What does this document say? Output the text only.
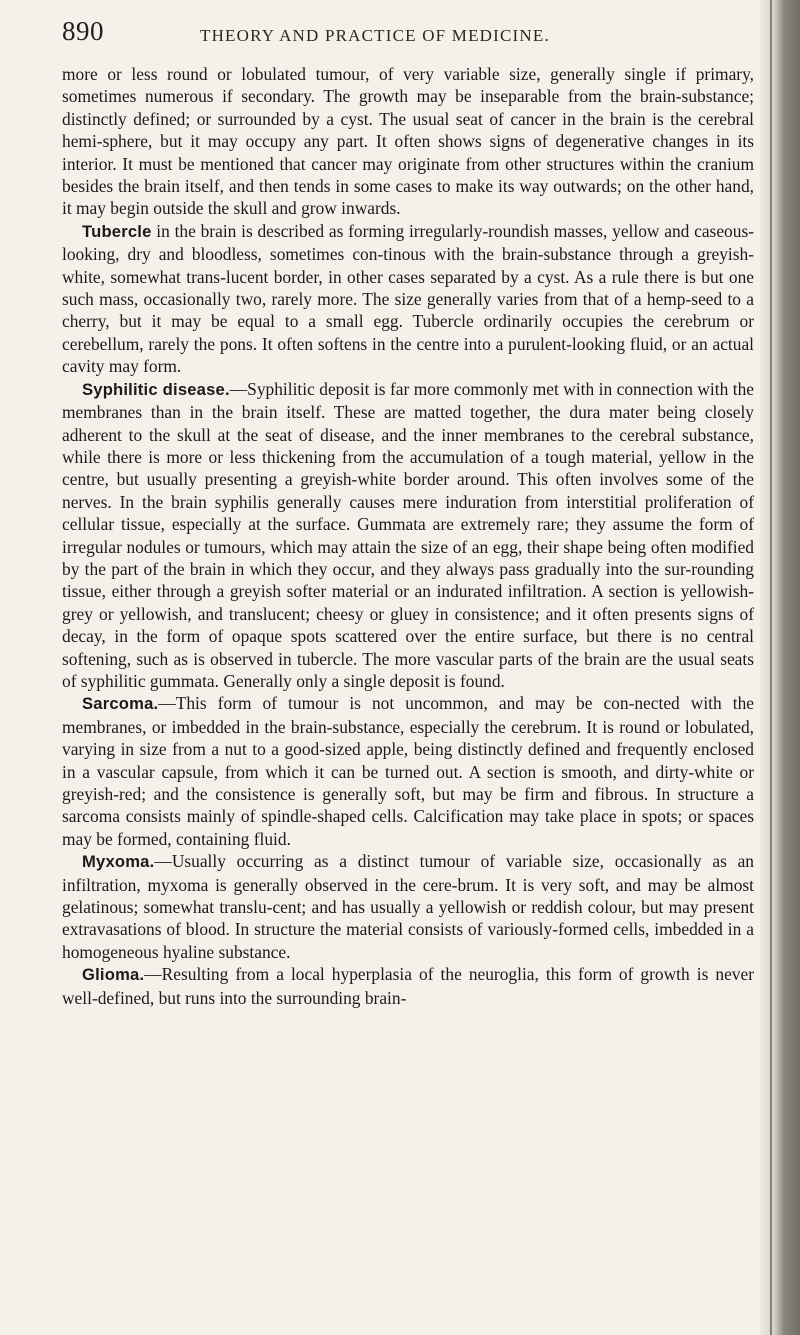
890	THEORY AND PRACTICE OF MEDICINE.

more or less round or lobulated tumour, of very variable size, generally single if primary, sometimes numerous if secondary. The growth may be inseparable from the brain-substance; distinctly defined; or surrounded by a cyst. The usual seat of cancer in the brain is the cerebral hemi-sphere, but it may occupy any part. It often shows signs of degenerative changes in its interior. It must be mentioned that cancer may originate from other structures within the cranium besides the brain itself, and then tends in some cases to make its way outwards; on the other hand, it may begin outside the skull and grow inwards.

Tubercle in the brain is described as forming irregularly-roundish masses, yellow and caseous-looking, dry and bloodless, sometimes con-tinous with the brain-substance through a greyish-white, somewhat trans-lucent border, in other cases separated by a cyst. As a rule there is but one such mass, occasionally two, rarely more. The size generally varies from that of a hemp-seed to a cherry, but it may be equal to a small egg. Tubercle ordinarily occupies the cerebrum or cerebellum, rarely the pons. It often softens in the centre into a purulent-looking fluid, or an actual cavity may form.

Syphilitic disease.—Syphilitic deposit is far more commonly met with in connection with the membranes than in the brain itself. These are matted together, the dura mater being closely adherent to the skull at the seat of disease, and the inner membranes to the cerebral substance, while there is more or less thickening from the accumulation of a tough material, yellow in the centre, but usually presenting a greyish-white border around. This often involves some of the nerves. In the brain syphilis generally causes mere induration from interstitial proliferation of cellular tissue, especially at the surface. Gummata are extremely rare; they assume the form of irregular nodules or tumours, which may attain the size of an egg, their shape being often modified by the part of the brain in which they occur, and they always pass gradually into the sur-rounding tissue, either through a greyish softer material or an indurated infiltration. A section is yellowish-grey or yellowish, and translucent; cheesy or gluey in consistence; and it often presents signs of decay, in the form of opaque spots scattered over the entire surface, but there is no central softening, such as is observed in tubercle. The more vascular parts of the brain are the usual seats of syphilitic gummata. Generally only a single deposit is found.

Sarcoma.—This form of tumour is not uncommon, and may be con-nected with the membranes, or imbedded in the brain-substance, especially the cerebrum. It is round or lobulated, varying in size from a nut to a good-sized apple, being distinctly defined and frequently enclosed in a vascular capsule, from which it can be turned out. A section is smooth, and dirty-white or greyish-red; and the consistence is generally soft, but may be firm and fibrous. In structure a sarcoma consists mainly of spindle-shaped cells. Calcification may take place in spots; or spaces may be formed, containing fluid.

Myxoma.—Usually occurring as a distinct tumour of variable size, occasionally as an infiltration, myxoma is generally observed in the cere-brum. It is very soft, and may be almost gelatinous; somewhat translu-cent; and has usually a yellowish or reddish colour, but may present extravasations of blood. In structure the material consists of variously-formed cells, imbedded in a homogeneous hyaline substance.

Glioma.—Resulting from a local hyperplasia of the neuroglia, this form of growth is never well-defined, but runs into the surrounding brain-
